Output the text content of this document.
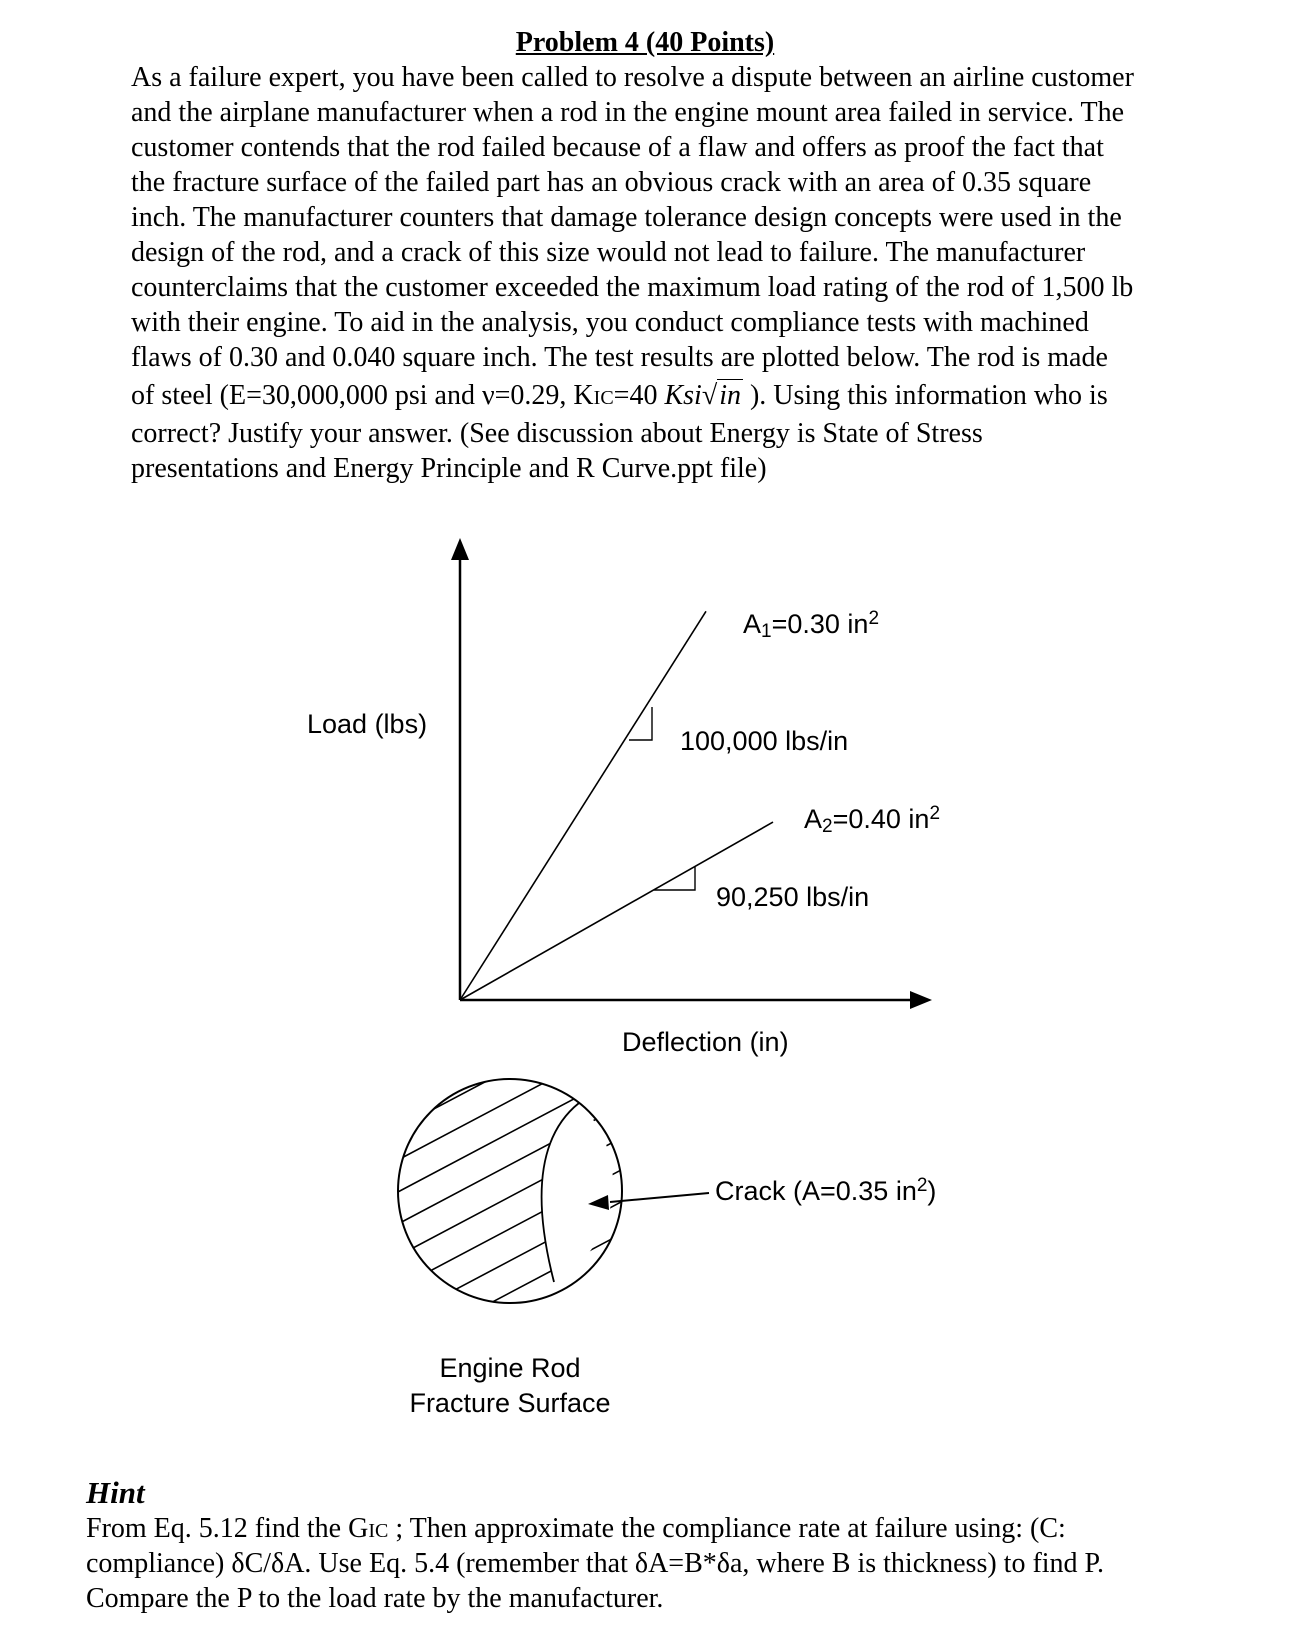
Problem 4 (40 Points)
As a failure expert, you have been called to resolve a dispute between an airline customer
and the airplane manufacturer when a rod in the engine mount area failed in service. The
customer contends that the rod failed because of a flaw and offers as proof the fact that
the fracture surface of the failed part has an obvious crack with an area of 0.35 square
inch. The manufacturer counters that damage tolerance design concepts were used in the
design of the rod, and a crack of this size would not lead to failure. The manufacturer
counterclaims that the customer exceeded the maximum load rating of the rod of 1,500 lb
with their engine. To aid in the analysis, you conduct compliance tests with machined
flaws of 0.30 and 0.040 square inch. The test results are plotted below. The rod is made
of steel (E=30,000,000 psi and ν=0.29, KIC=40 Ksi√in ). Using this information who is
correct? Justify your answer. (See discussion about Energy is State of Stress
presentations and Energy Principle and R Curve.ppt file)
Load (lbs)
Deflection (in)
A1=0.30 $in^2$
100,000 lbs/in
A2=0.40 $in^2$
90,250 lbs/in
Crack (A=0.35 $in^2$)
Engine Rod
Fracture Surface
Hint
From Eq. 5.12 find the GIC ; Then approximate the compliance rate at failure using: (C:
compliance) δC/δA. Use Eq. 5.4 (remember that δA=B*δa, where B is thickness) to find P.
Compare the P to the load rate by the manufacturer.
